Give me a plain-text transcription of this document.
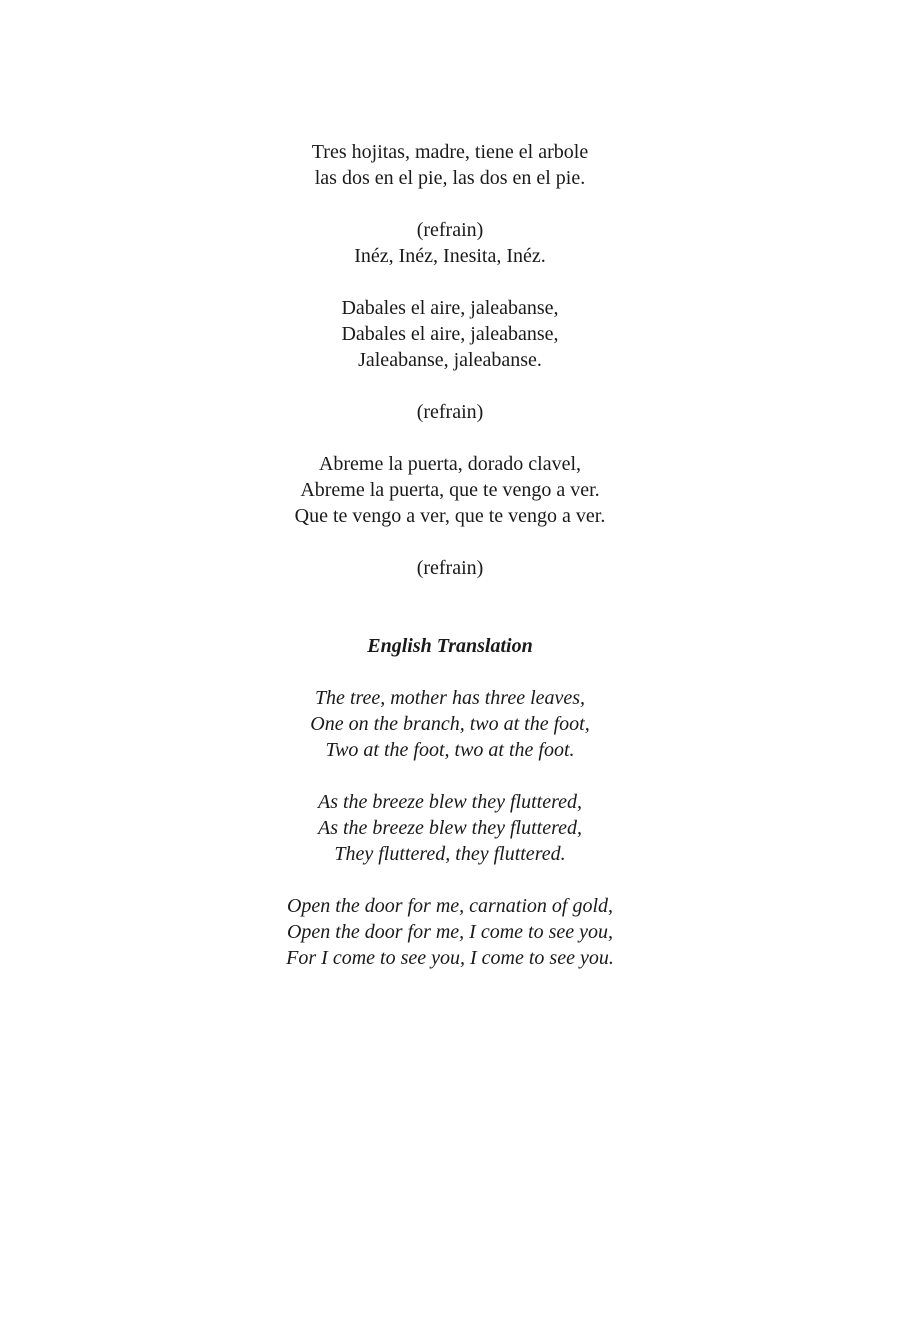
Tres hojitas, madre, tiene el arbole
las dos en el pie, las dos en el pie.
(refrain)
Inéz, Inéz, Inesita, Inéz.
Dabales el aire, jaleabanse,
Dabales el aire, jaleabanse,
Jaleabanse, jaleabanse.
(refrain)
Abreme la puerta, dorado clavel,
Abreme la puerta, que te vengo a ver.
Que te vengo a ver, que te vengo a ver.
(refrain)
English Translation
The tree, mother has three leaves,
One on the branch, two at the foot,
Two at the foot, two at the foot.
As the breeze blew they fluttered,
As the breeze blew they fluttered,
They fluttered, they fluttered.
Open the door for me, carnation of gold,
Open the door for me, I come to see you,
For I come to see you, I come to see you.
